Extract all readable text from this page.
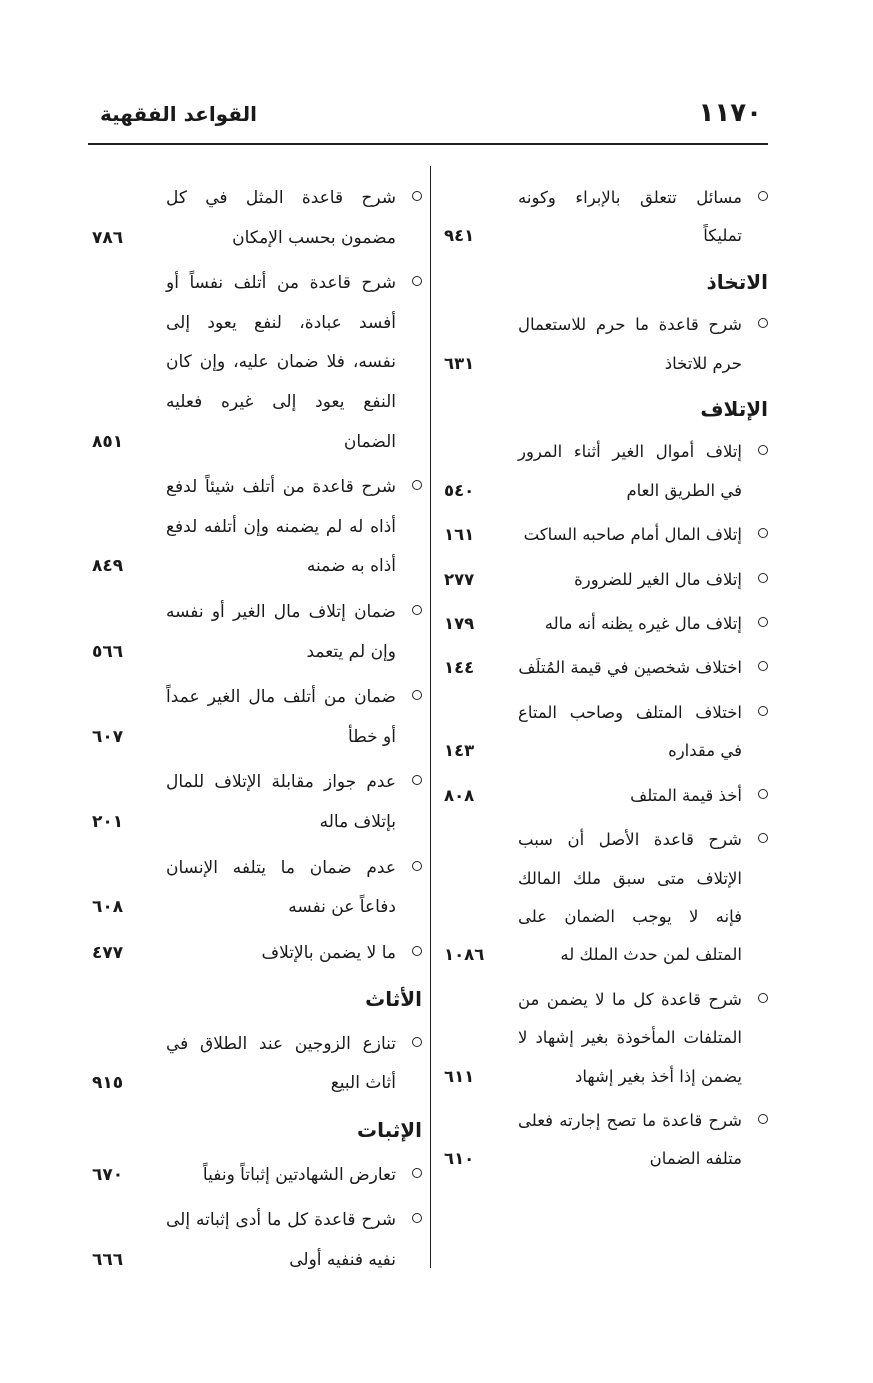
١١٧٠
القواعد الفقهية
مسائل تتعلق بالإبراء وكونه تمليكاً
٩٤١
الاتخاذ
شرح قاعدة ما حرم للاستعمال حرم للاتخاذ
٦٣١
الإتلاف
إتلاف أموال الغير أثناء المرور في الطريق العام
٥٤٠
إتلاف المال أمام صاحبه الساكت
١٦١
إتلاف مال الغير للضرورة
٢٧٧
إتلاف مال غيره يظنه أنه ماله
١٧٩
اختلاف شخصين في قيمة المُتلَف
١٤٤
اختلاف المتلف وصاحب المتاع في مقداره
١٤٣
أخذ قيمة المتلف
٨٠٨
شرح قاعدة الأصل أن سبب الإتلاف متى سبق ملك المالك فإنه لا يوجب الضمان على المتلف لمن حدث الملك له
١٠٨٦
شرح قاعدة كل ما لا يضمن من المتلفات المأخوذة بغير إشهاد لا يضمن إذا أخذ بغير إشهاد
٦١١
شرح قاعدة ما تصح إجارته فعلى متلفه الضمان
٦١٠
شرح قاعدة المثل في كل مضمون بحسب الإمكان
٧٨٦
شرح قاعدة من أتلف نفساً أو أفسد عبادة، لنفع يعود إلى نفسه، فلا ضمان عليه، وإن كان النفع يعود إلى غيره فعليه الضمان
٨٥١
شرح قاعدة من أتلف شيئاً لدفع أذاه له لم يضمنه وإن أتلفه لدفع أذاه به ضمنه
٨٤٩
ضمان إتلاف مال الغير أو نفسه وإن لم يتعمد
٥٦٦
ضمان من أتلف مال الغير عمداً أو خطأ
٦٠٧
عدم جواز مقابلة الإتلاف للمال بإتلاف ماله
٢٠١
عدم ضمان ما يتلفه الإنسان دفاعاً عن نفسه
٦٠٨
ما لا يضمن بالإتلاف
٤٧٧
الأثاث
تنازع الزوجين عند الطلاق في أثاث البيع
٩١٥
الإثبات
تعارض الشهادتين إثباتاً ونفياً
٦٧٠
شرح قاعدة كل ما أدى إثباته إلى نفيه فنفيه أولى
٦٦٦
